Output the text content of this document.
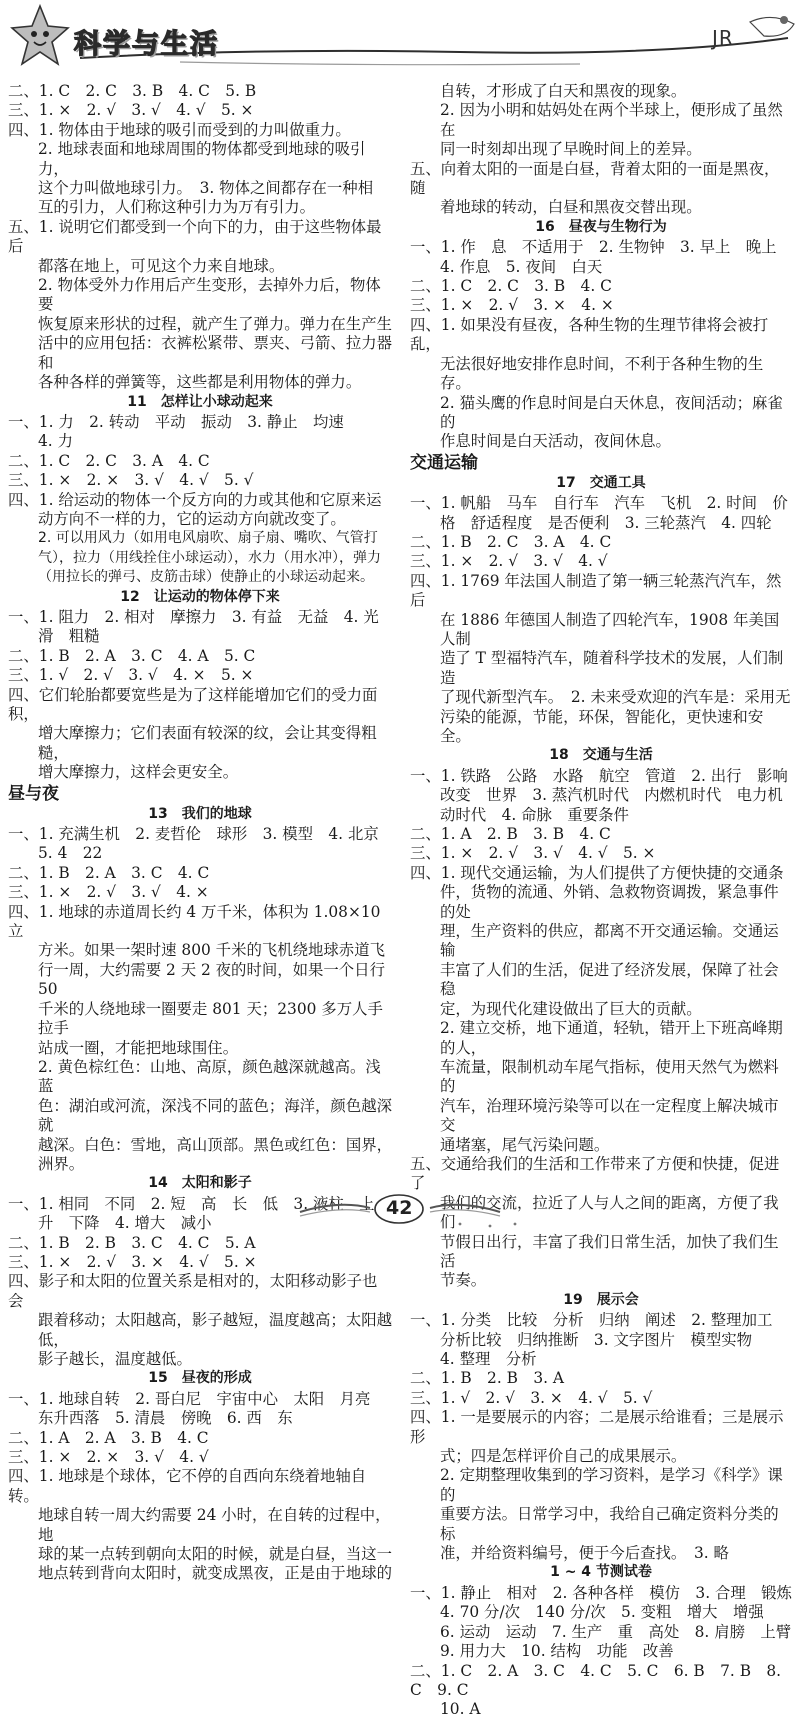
科学与生活	JR
二、1. C　2. C　3. B　4. C　5. B
三、1. ×　2. √　3. √　4. √　5. ×
四、1. 物体由于地球的吸引而受到的力叫做重力。
2. 地球表面和地球周围的物体都受到地球的吸引力，
这个力叫做地球引力。　3. 物体之间都存在一种相
互的引力，人们称这种引力为万有引力。
五、1. 说明它们都受到一个向下的力，由于这些物体最后
都落在地上，可见这个力来自地球。
2. 物体受外力作用后产生变形，去掉外力后，物体要
恢复原来形状的过程，就产生了弹力。弹力在生产生
活中的应用包括：衣裤松紧带、票夹、弓箭、拉力器和
各种各样的弹簧等，这些都是利用物体的弹力。
11　怎样让小球动起来
一、1. 力　2. 转动　平动　振动　3. 静止　均速
4. 力
二、1. C　2. C　3. A　4. C
三、1. ×　2. ×　3. √　4. √　5. √
四、1. 给运动的物体一个反方向的力或其他和它原来运
动方向不一样的力，它的运动方向就改变了。
2. 可以用风力（如用电风扇吹、扇子扇、嘴吹、气管打
气），拉力（用线拴住小球运动），水力（用水冲），弹力
（用拉长的弹弓、皮筋击球）使静止的小球运动起来。
12　让运动的物体停下来
一、1. 阻力　2. 相对　摩擦力　3. 有益　无益　4. 光
滑　粗糙
二、1. B　2. A　3. C　4. A　5. C
三、1. √　2. √　3. √　4. ×　5. ×
四、它们轮胎都要宽些是为了这样能增加它们的受力面积，
增大摩擦力；它们表面有较深的纹，会让其变得粗糙，
增大摩擦力，这样会更安全。
昼与夜
13　我们的地球
一、1. 充满生机　2. 麦哲伦　球形　3. 模型　4. 北京
5. 4　22
二、1. B　2. A　3. C　4. C
三、1. ×　2. √　3. √　4. ×
四、1. 地球的赤道周长约 4 万千米，体积为 1.08×10 立
方米。如果一架时速 800 千米的飞机绕地球赤道飞
行一周，大约需要 2 天 2 夜的时间，如果一个日行 50
千米的人绕地球一圈要走 801 天；2300 多万人手拉手
站成一圈，才能把地球围住。
2. 黄色棕红色：山地、高原，颜色越深就越高。浅蓝
色：湖泊或河流，深浅不同的蓝色；海洋，颜色越深就
越深。白色：雪地，高山顶部。黑色或红色：国界，
洲界。
14　太阳和影子
一、1. 相同　不同　2. 短　高　长　低　3. 液柱　上
升　下降　4. 增大　减小
二、1. B　2. B　3. C　4. C　5. A
三、1. ×　2. √　3. ×　4. √　5. ×
四、影子和太阳的位置关系是相对的，太阳移动影子也会
跟着移动；太阳越高，影子越短，温度越高；太阳越低，
影子越长，温度越低。
15　昼夜的形成
一、1. 地球自转　2. 哥白尼　宇宙中心　太阳　月亮
东升西落　5. 清晨　傍晚　6. 西　东
二、1. A　2. A　3. B　4. C
三、1. ×　2. ×　3. √　4. √
四、1. 地球是个球体，它不停的自西向东绕着地轴自转。
地球自转一周大约需要 24 小时，在自转的过程中，地
球的某一点转到朝向太阳的时候，就是白昼，当这一
地点转到背向太阳时，就变成黑夜，正是由于地球的
自转，才形成了白天和黑夜的现象。
2. 因为小明和姑妈处在两个半球上，便形成了虽然在
同一时刻却出现了早晚时间上的差异。
五、向着太阳的一面是白昼，背着太阳的一面是黑夜，随
着地球的转动，白昼和黑夜交替出现。
16　昼夜与生物行为
一、1. 作　息　不适用于　2. 生物钟　3. 早上　晚上
4. 作息　5. 夜间　白天
二、1. C　2. C　3. B　4. C
三、1. ×　2. √　3. ×　4. ×
四、1. 如果没有昼夜，各种生物的生理节律将会被打乱，
无法很好地安排作息时间，不利于各种生物的生存。
2. 猫头鹰的作息时间是白天休息，夜间活动；麻雀的
作息时间是白天活动，夜间休息。
交通运输
17　交通工具
一、1. 帆船　马车　自行车　汽车　飞机　2. 时间　价
格　舒适程度　是否便利　3. 三轮蒸汽　4. 四轮
二、1. B　2. C　3. A　4. C
三、1. ×　2. √　3. √　4. √
四、1. 1769 年法国人制造了第一辆三轮蒸汽汽车，然后
在 1886 年德国人制造了四轮汽车，1908 年美国人制
造了 T 型福特汽车，随着科学技术的发展，人们制造
了现代新型汽车。　2. 未来受欢迎的汽车是：采用无
污染的能源，节能，环保，智能化，更快速和安全。
18　交通与生活
一、1. 铁路　公路　水路　航空　管道　2. 出行　影响
改变　世界　3. 蒸汽机时代　内燃机时代　电力机
动时代　4. 命脉　重要条件
二、1. A　2. B　3. B　4. C
三、1. ×　2. √　3. √　4. √　5. ×
四、1. 现代交通运输，为人们提供了方便快捷的交通条
件，货物的流通、外销、急救物资调拨，紧急事件的处
理，生产资料的供应，都离不开交通运输。交通运输
丰富了人们的生活，促进了经济发展，保障了社会稳
定，为现代化建设做出了巨大的贡献。
2. 建立交桥，地下通道，轻轨，错开上下班高峰期的人，
车流量，限制机动车尾气指标，使用天然气为燃料的
汽车，治理环境污染等可以在一定程度上解决城市交
通堵塞，尾气污染问题。
五、交通给我们的生活和工作带来了方便和快捷，促进了
我们的交流，拉近了人与人之间的距离，方便了我们
节假日出行，丰富了我们日常生活，加快了我们生活
节奏。
19　展示会
一、1. 分类　比较　分析　归纳　阐述　2. 整理加工
分析比较　归纳推断　3. 文字图片　模型实物
4. 整理　分析
二、1. B　2. B　3. A
三、1. √　2. √　3. ×　4. √　5. √
四、1. 一是要展示的内容；二是展示给谁看；三是展示形
式；四是怎样评价自己的成果展示。
2. 定期整理收集到的学习资料，是学习《科学》课的
重要方法。日常学习中，我给自己确定资料分类的标
准，并给资料编号，便于今后查找。　3. 略
1 ~ 4 节测试卷
一、1. 静止　相对　2. 各种各样　模仿　3. 合理　锻炼
4. 70 分/次　140 分/次　5. 变粗　增大　增强
6. 运动　运动　7. 生产　重　高处　8. 肩膀　上臂
9. 用力大　10. 结构　功能　改善
二、1. C　2. A　3. C　4. C　5. C　6. B　7. B　8. C　9. C
10. A
42
